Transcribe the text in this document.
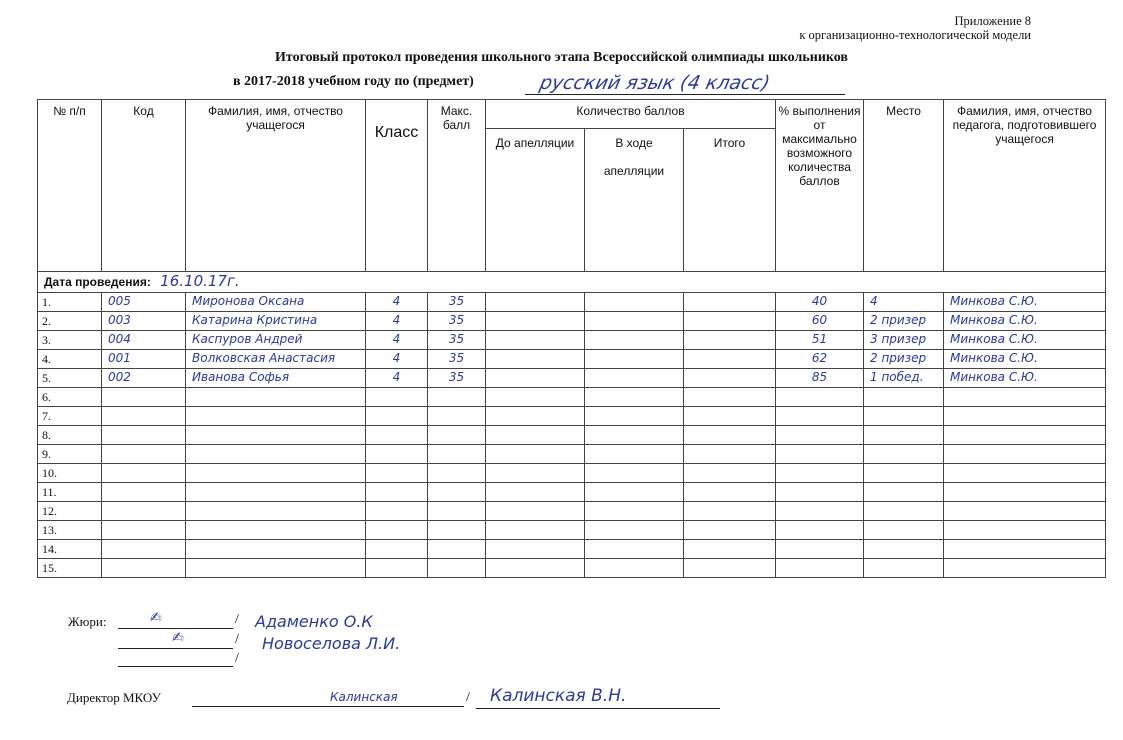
Приложение 8
к организационно-технологической модели
Итоговый протокол проведения школьного этапа Всероссийской олимпиады школьников
в 2017-2018 учебном году по (предмет)	русский язык (4 класс)
№ п/п	Код	Фамилия, имя, отчество учащегося	Класс	Макс. балл	Количество баллов			% выполнения от максимально возможного количества баллов	Место	Фамилия, имя, отчество педагога, подготовившего учащегося
					До апелляции	В ходе апелляции	Итого			
Дата проведения: 16.10.17г.										
1.	005	Миронова Оксана	4	35				40	4	Минкова С.Ю.
2.	003	Катарина Кристина	4	35				60	2 призер	Минкова С.Ю.
3.	004	Каспуров Андрей	4	35				51	3 призер	Минкова С.Ю.
4.	001	Волковская Анастасия	4	35				62	2 призер	Минкова С.Ю.
5.	002	Иванова Софья	4	35				85	1 побед.	Минкова С.Ю.
6.										
7.										
8.										
9.										
10.										
11.										
12.										
13.										
14.										
15.										
Жюри:	/
/
/
✍
✍
Адаменко О.К
Новоселова Л.И.
Директор МКОУ	Калинская	/ Калинская В.Н.
